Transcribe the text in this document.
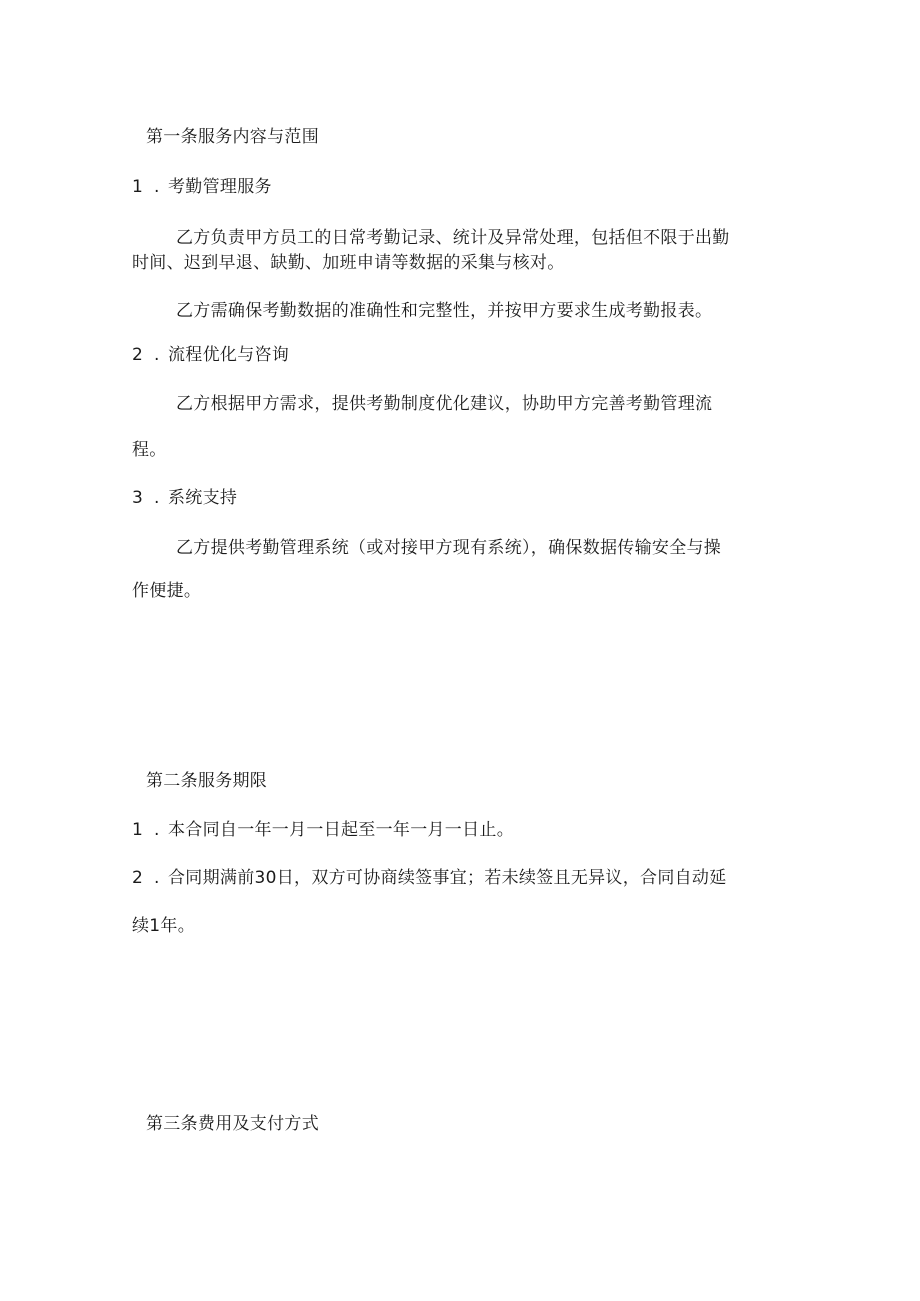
第一条服务内容与范围
1 . 考勤管理服务
乙方负责甲方员工的日常考勤记录、统计及异常处理，包括但不限于出勤
时间、迟到早退、缺勤、加班申请等数据的采集与核对。
乙方需确保考勤数据的准确性和完整性，并按甲方要求生成考勤报表。
2 . 流程优化与咨询
乙方根据甲方需求，提供考勤制度优化建议，协助甲方完善考勤管理流
程。
3 . 系统支持
乙方提供考勤管理系统（或对接甲方现有系统），确保数据传输安全与操
作便捷。
第二条服务期限
1 . 本合同自一年一月一日起至一年一月一日止。
2 . 合同期满前30日，双方可协商续签事宜；若未续签且无异议，合同自动延
续1年。
第三条费用及支付方式
